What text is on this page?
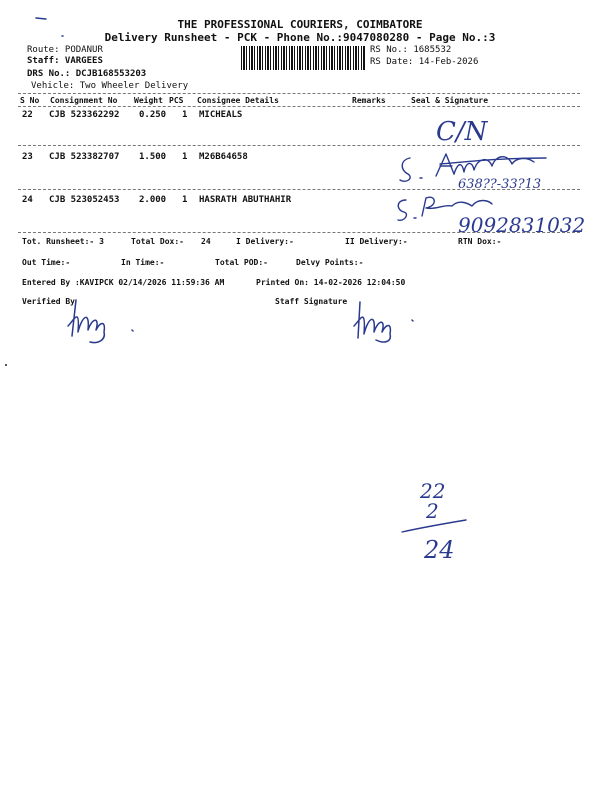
THE PROFESSIONAL COURIERS, COIMBATORE
Delivery Runsheet - PCK - Phone No.:9047080280 - Page No.:3
Route: PODANUR
Staff: VARGEES
DRS No.: DCJB168553203
Vehicle: Two Wheeler Delivery
RS No.: 1685532
RS Date: 14-Feb-2026
S No Consignment No Weight PCS Consignee Details	Remarks	Seal & Signature
22 CJB 523362292 0.250 1 MICHEALS
23 CJB 523382707 1.500 1 M26B64658
24 CJB 523052453 2.000 1 HASRATH ABUTHAHIR
C/N
638??-33?13
9092831032
Tot. Runsheet:- 3	Total Dox:- 24	I Delivery:-	II Delivery:-	RTN Dox:-
Out Time:-	In Time:-	Total POD:-	Delvy Points:-
Entered By :KAVIPCK 02/14/2026 11:59:36 AM	Printed On: 14-02-2026 12:04:50
Verified By	Staff Signature
22
2
24
